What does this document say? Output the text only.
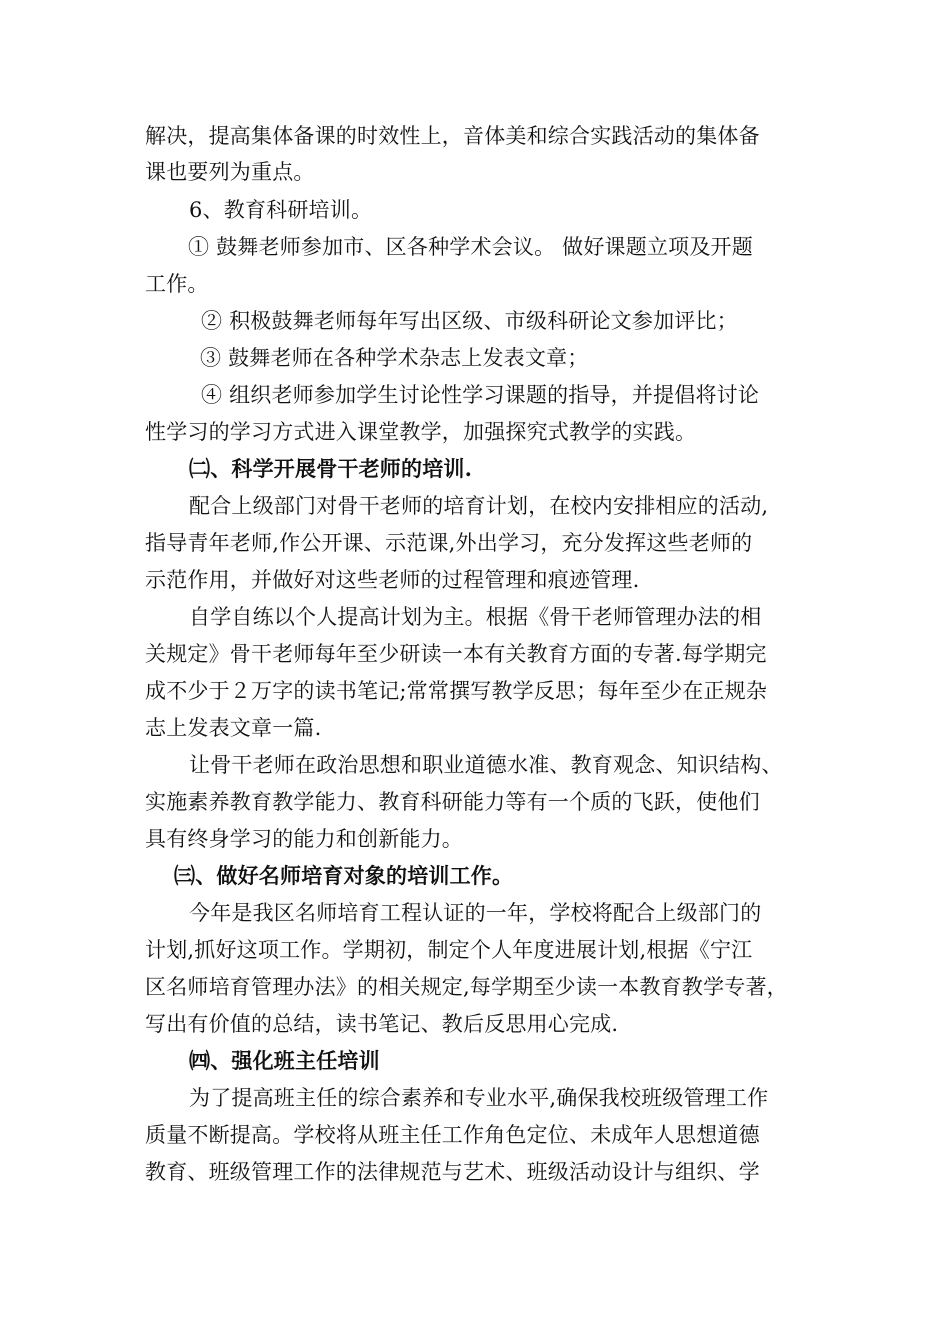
解决，提高集体备课的时效性上，音体美和综合实践活动的集体备
课也要列为重点。
6、教育科研培训。
① 鼓舞老师参加市、区各种学术会议。 做好课题立项及开题
工作。
② 积极鼓舞老师每年写出区级、市级科研论文参加评比；
③ 鼓舞老师在各种学术杂志上发表文章；
④ 组织老师参加学生讨论性学习课题的指导，并提倡将讨论
性学习的学习方式进入课堂教学，加强探究式教学的实践。
㈡、科学开展骨干老师的培训.
配合上级部门对骨干老师的培育计划，在校内安排相应的活动,
指导青年老师,作公开课、示范课,外出学习，充分发挥这些老师的
示范作用，并做好对这些老师的过程管理和痕迹管理.
自学自练以个人提高计划为主。根据《骨干老师管理办法的相
关规定》骨干老师每年至少研读一本有关教育方面的专著.每学期完
成不少于２万字的读书笔记;常常撰写教学反思；每年至少在正规杂
志上发表文章一篇.
让骨干老师在政治思想和职业道德水准、教育观念、知识结构、
实施素养教育教学能力、教育科研能力等有一个质的飞跃，使他们
具有终身学习的能力和创新能力。
㈢、做好名师培育对象的培训工作。
今年是我区名师培育工程认证的一年，学校将配合上级部门的
计划,抓好这项工作。学期初，制定个人年度进展计划,根据《宁江
区名师培育管理办法》的相关规定,每学期至少读一本教育教学专著，
写出有价值的总结，读书笔记、教后反思用心完成.
㈣、强化班主任培训
为了提高班主任的综合素养和专业水平,确保我校班级管理工作
质量不断提高。学校将从班主任工作角色定位、未成年人思想道德
教育、班级管理工作的法律规范与艺术、班级活动设计与组织、学
